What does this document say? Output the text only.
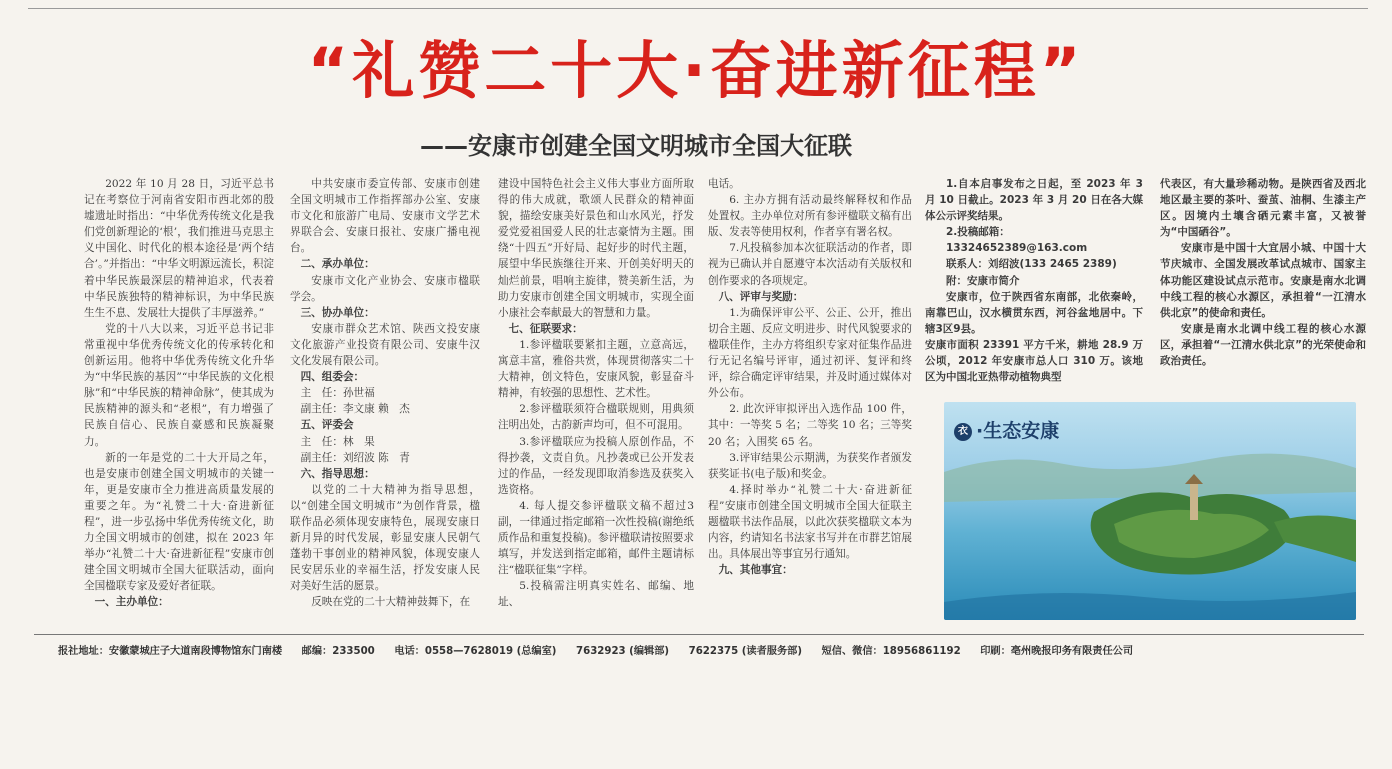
“礼赞二十大·奋进新征程”
——安康市创建全国文明城市全国大征联

2022 年 10 月 28 日，习近平总书记在考察位于河南省安阳市西北郊的殷墟遗址时指出：“中华优秀传统文化是我们党创新理论的‘根’，我们推进马克思主义中国化、时代化的根本途径是‘两个结合’。”并指出：“中华文明源远流长，积淀着中华民族最深层的精神追求，代表着中华民族独特的精神标识，为中华民族生生不息、发展壮大提供了丰厚滋养。”

党的十八大以来，习近平总书记非常重视中华优秀传统文化的传承转化和创新运用。他将中华优秀传统文化升华为“中华民族的基因”“中华民族的文化根脉”和“中华民族的精神命脉”，使其成为民族精神的源头和“老根”，有力增强了民族自信心、民族自豪感和民族凝聚力。

新的一年是党的二十大开局之年，也是安康市创建全国文明城市的关键一年，更是安康市全力推进高质量发展的重要之年。为“礼赞二十大·奋进新征程”，进一步弘扬中华优秀传统文化，助力全国文明城市的创建，拟在 2023 年举办“礼赞二十大·奋进新征程”安康市创建全国文明城市全国大征联活动，面向全国楹联专家及爱好者征联。

一、主办单位：

中共安康市委宣传部、安康市创建全国文明城市工作指挥部办公室、安康市文化和旅游广电局、安康市文学艺术界联合会、安康日报社、安康广播电视台。

二、承办单位：

安康市文化产业协会、安康市楹联学会。

三、协办单位：

安康市群众艺术馆、陕西文投安康文化旅游产业投资有限公司、安康牛汉文化发展有限公司。

四、组委会：

主　任：孙世福

副主任：李文康 赖　杰

五、评委会

主　任：林　果

副主任：刘绍波 陈　青

六、指导思想：

以党的二十大精神为指导思想，以“创建全国文明城市”为创作背景，楹联作品必须体现安康特色，展现安康日新月异的时代发展，彰显安康人民朝气蓬勃干事创业的精神风貌，体现安康人民安居乐业的幸福生活，抒发安康人民对美好生活的愿景。

反映在党的二十大精神鼓舞下，在

建设中国特色社会主义伟大事业方面所取得的伟大成就，歌颂人民群众的精神面貌，描绘安康美好景色和山水风光，抒发爱党爱祖国爱人民的壮志豪情为主题。围绕“十四五”开好局、起好步的时代主题，展望中华民族继往开来、开创美好明天的灿烂前景，唱响主旋律，赞美新生活，为助力安康市创建全国文明城市，实现全面小康社会奉献最大的智慧和力量。

七、征联要求：

1.参评楹联要紧扣主题，立意高远，寓意丰富，雅俗共赏，体现贯彻落实二十大精神，创文特色，安康风貌，彰显奋斗精神，有较强的思想性、艺术性。

2.参评楹联须符合楹联规则，用典须注明出处，古韵新声均可，但不可混用。

3.参评楹联应为投稿人原创作品，不得抄袭，文责自负。凡抄袭或已公开发表过的作品，一经发现即取消参选及获奖入选资格。

4. 每人提交参评楹联文稿不超过3副，一律通过指定邮箱一次性投稿(谢绝纸质作品和重复投稿)。参评楹联请按照要求填写，并发送到指定邮箱，邮件主题请标注“楹联征集”字样。

5.投稿需注明真实姓名、邮编、地址、

电话。

6. 主办方拥有活动最终解释权和作品处置权。主办单位对所有参评楹联文稿有出版、发表等使用权利，作者享有署名权。

7.凡投稿参加本次征联活动的作者，即视为已确认并自愿遵守本次活动有关版权和创作要求的各项规定。

八、评审与奖励：

1.为确保评审公平、公正、公开，推出切合主题、反应文明进步、时代风貌要求的楹联佳作，主办方将组织专家对征集作品进行无记名编号评审，通过初评、复评和终评，综合确定评审结果，并及时通过媒体对外公布。

2. 此次评审拟评出入选作品 100 件，其中：一等奖 5 名；二等奖 10 名；三等奖 20 名；入围奖 65 名。

3.评审结果公示期满，为获奖作者颁发获奖证书(电子版)和奖金。

4.择时举办“礼赞二十大·奋进新征程”安康市创建全国文明城市全国大征联主题楹联书法作品展，以此次获奖楹联文本为内容，约请知名书法家书写并在市群艺馆展出。具体展出等事宜另行通知。

九、其他事宜：

1.自本启事发布之日起，至 2023 年 3 月 10 日截止。2023 年 3 月 20 日在各大媒体公示评奖结果。

2.投稿邮箱：

13324652389@163.com

联系人：刘绍波(133 2465 2389)

附：安康市简介

安康市，位于陕西省东南部，北依秦岭，南靠巴山，汉水横贯东西，河谷盆地居中。下辖3区9县。

安康市面积 23391 平方千米，耕地 28.9 万公顷，2012 年安康市总人口 310 万。该地区为中国北亚热带动植物典型

代表区，有大量珍稀动物。是陕西省及西北地区最主要的茶叶、蚕茧、油桐、生漆主产区。因境内土壤含硒元素丰富，又被誉为“中国硒谷”。

安康市是中国十大宜居小城、中国十大节庆城市、全国发展改革试点城市、国家主体功能区建设试点示范市。安康是南水北调中线工程的核心水源区，承担着“一江清水供北京”的使命和责任。

安康是南水北调中线工程的核心水源区，承担着“一江清水供北京”的光荣使命和政治责任。

衣 ·生态安康
报社地址：安徽蒙城庄子大道南段博物馆东门南楼 邮编：233500 电话：0558—7628019 (总编室) 7632923 (编辑部) 7622375 (读者服务部) 短信、微信：18956861192 印刷：亳州晚报印务有限责任公司
